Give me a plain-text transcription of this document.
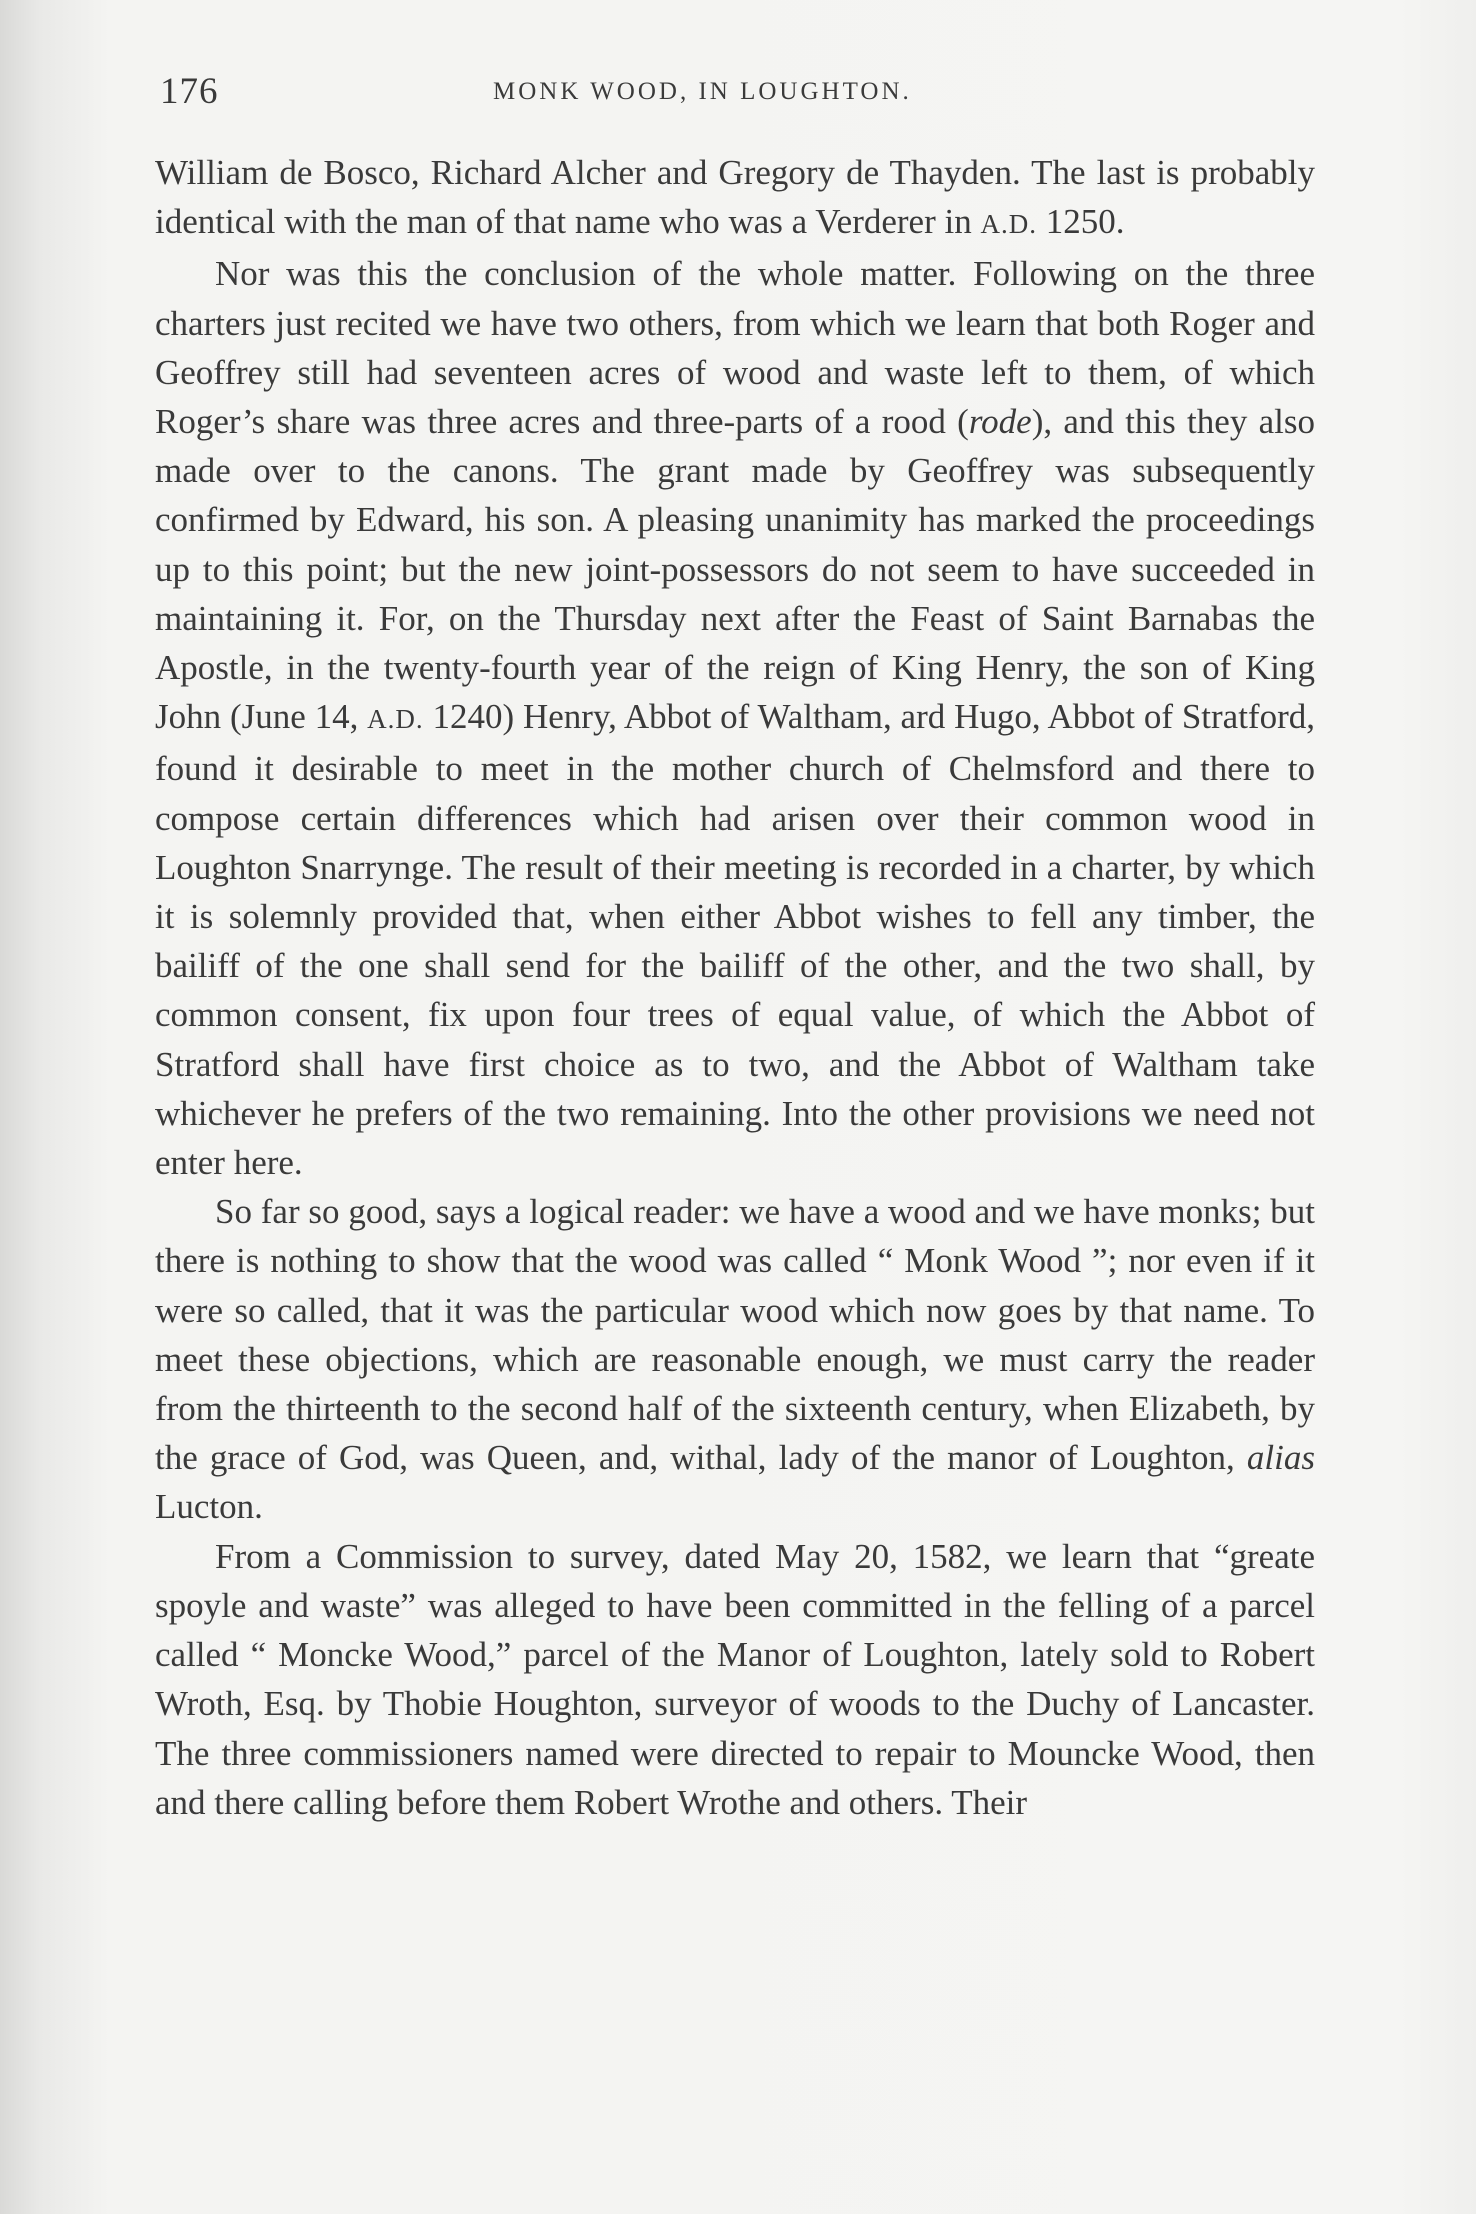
176	MONK WOOD, IN LOUGHTON.

William de Bosco, Richard Alcher and Gregory de Thayden. The last is probably identical with the man of that name who was a Verderer in A.D. 1250.

Nor was this the conclusion of the whole matter. Following on the three charters just recited we have two others, from which we learn that both Roger and Geoffrey still had seventeen acres of wood and waste left to them, of which Roger’s share was three acres and three-parts of a rood (rode), and this they also made over to the canons. The grant made by Geoffrey was subsequently confirmed by Edward, his son. A pleasing unanimity has marked the proceedings up to this point; but the new joint-possessors do not seem to have succeeded in maintaining it. For, on the Thursday next after the Feast of Saint Barnabas the Apostle, in the twenty-fourth year of the reign of King Henry, the son of King John (June 14, A.D. 1240) Henry, Abbot of Waltham, ard Hugo, Abbot of Stratford, found it desirable to meet in the mother church of Chelmsford and there to compose certain differences which had arisen over their common wood in Loughton Snarrynge. The result of their meeting is recorded in a charter, by which it is solemnly provided that, when either Abbot wishes to fell any timber, the bailiff of the one shall send for the bailiff of the other, and the two shall, by common consent, fix upon four trees of equal value, of which the Abbot of Stratford shall have first choice as to two, and the Abbot of Waltham take whichever he prefers of the two remaining. Into the other provisions we need not enter here.

So far so good, says a logical reader: we have a wood and we have monks; but there is nothing to show that the wood was called “ Monk Wood ”; nor even if it were so called, that it was the particular wood which now goes by that name. To meet these objections, which are reasonable enough, we must carry the reader from the thirteenth to the second half of the sixteenth century, when Elizabeth, by the grace of God, was Queen, and, withal, lady of the manor of Loughton, alias Lucton.

From a Commission to survey, dated May 20, 1582, we learn that “greate spoyle and waste” was alleged to have been committed in the felling of a parcel called “ Moncke Wood,” parcel of the Manor of Loughton, lately sold to Robert Wroth, Esq. by Thobie Houghton, surveyor of woods to the Duchy of Lancaster. The three commissioners named were directed to repair to Mouncke Wood, then and there calling before them Robert Wrothe and others. Their
